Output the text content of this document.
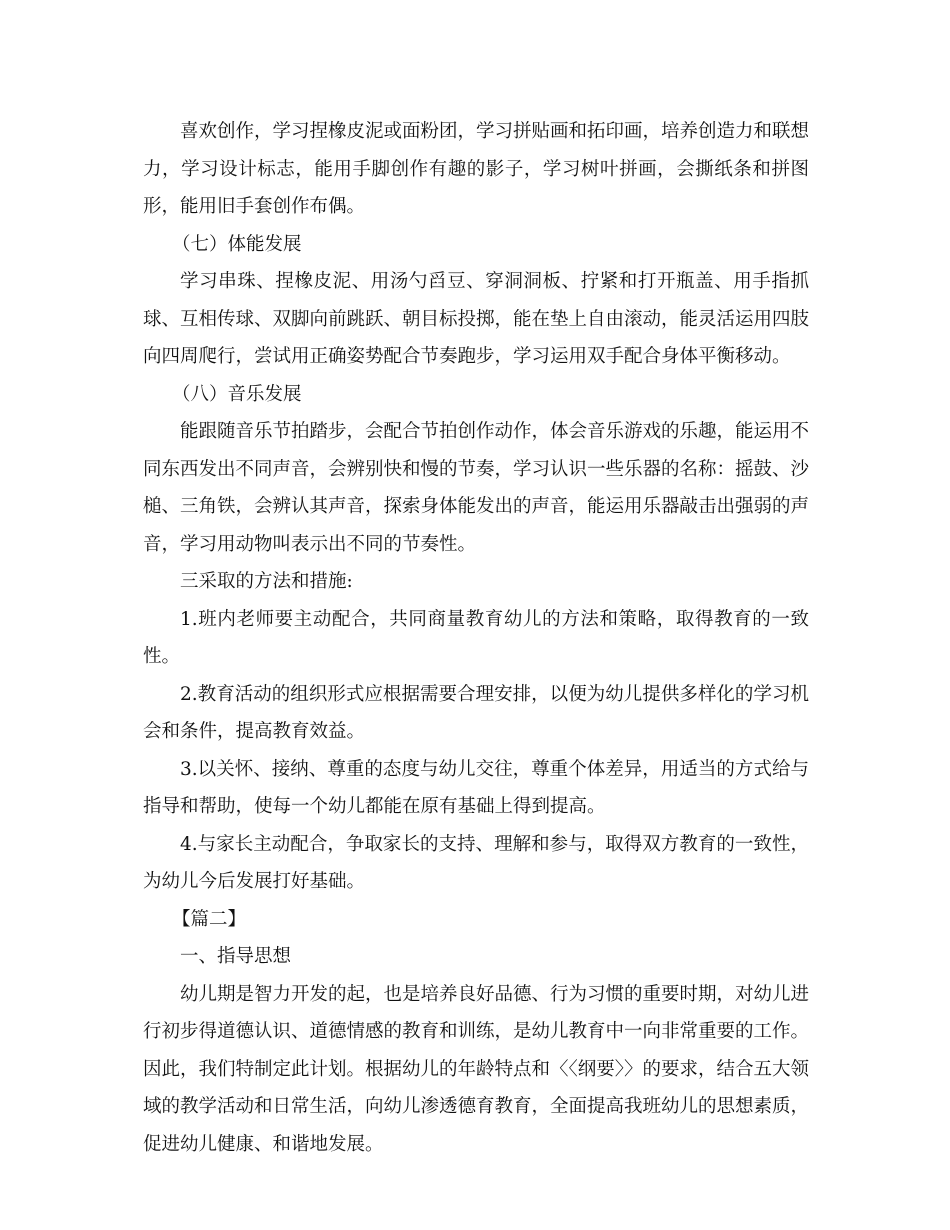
喜欢创作，学习捏橡皮泥或面粉团，学习拼贴画和拓印画，培养创造力和联想力，学习设计标志，能用手脚创作有趣的影子，学习树叶拼画，会撕纸条和拼图形，能用旧手套创作布偶。

（七）体能发展

学习串珠、捏橡皮泥、用汤勺舀豆、穿洞洞板、拧紧和打开瓶盖、用手指抓球、互相传球、双脚向前跳跃、朝目标投掷，能在垫上自由滚动，能灵活运用四肢向四周爬行，尝试用正确姿势配合节奏跑步，学习运用双手配合身体平衡移动。

（八）音乐发展

能跟随音乐节拍踏步，会配合节拍创作动作，体会音乐游戏的乐趣，能运用不同东西发出不同声音，会辨别快和慢的节奏，学习认识一些乐器的名称：摇鼓、沙槌、三角铁，会辨认其声音，探索身体能发出的声音，能运用乐器敲击出强弱的声音，学习用动物叫表示出不同的节奏性。

三采取的方法和措施:

1.班内老师要主动配合，共同商量教育幼儿的方法和策略，取得教育的一致性。

2.教育活动的组织形式应根据需要合理安排，以便为幼儿提供多样化的学习机会和条件，提高教育效益。

3.以关怀、接纳、尊重的态度与幼儿交往，尊重个体差异，用适当的方式给与指导和帮助，使每一个幼儿都能在原有基础上得到提高。

4.与家长主动配合，争取家长的支持、理解和参与，取得双方教育的一致性，为幼儿今后发展打好基础。

【篇二】

一、指导思想

幼儿期是智力开发的起，也是培养良好品德、行为习惯的重要时期，对幼儿进行初步得道德认识、道德情感的教育和训练，是幼儿教育中一向非常重要的工作。因此，我们特制定此计划。根据幼儿的年龄特点和〈〈纲要〉〉的要求，结合五大领域的教学活动和日常生活，向幼儿渗透德育教育，全面提高我班幼儿的思想素质，促进幼儿健康、和谐地发展。
